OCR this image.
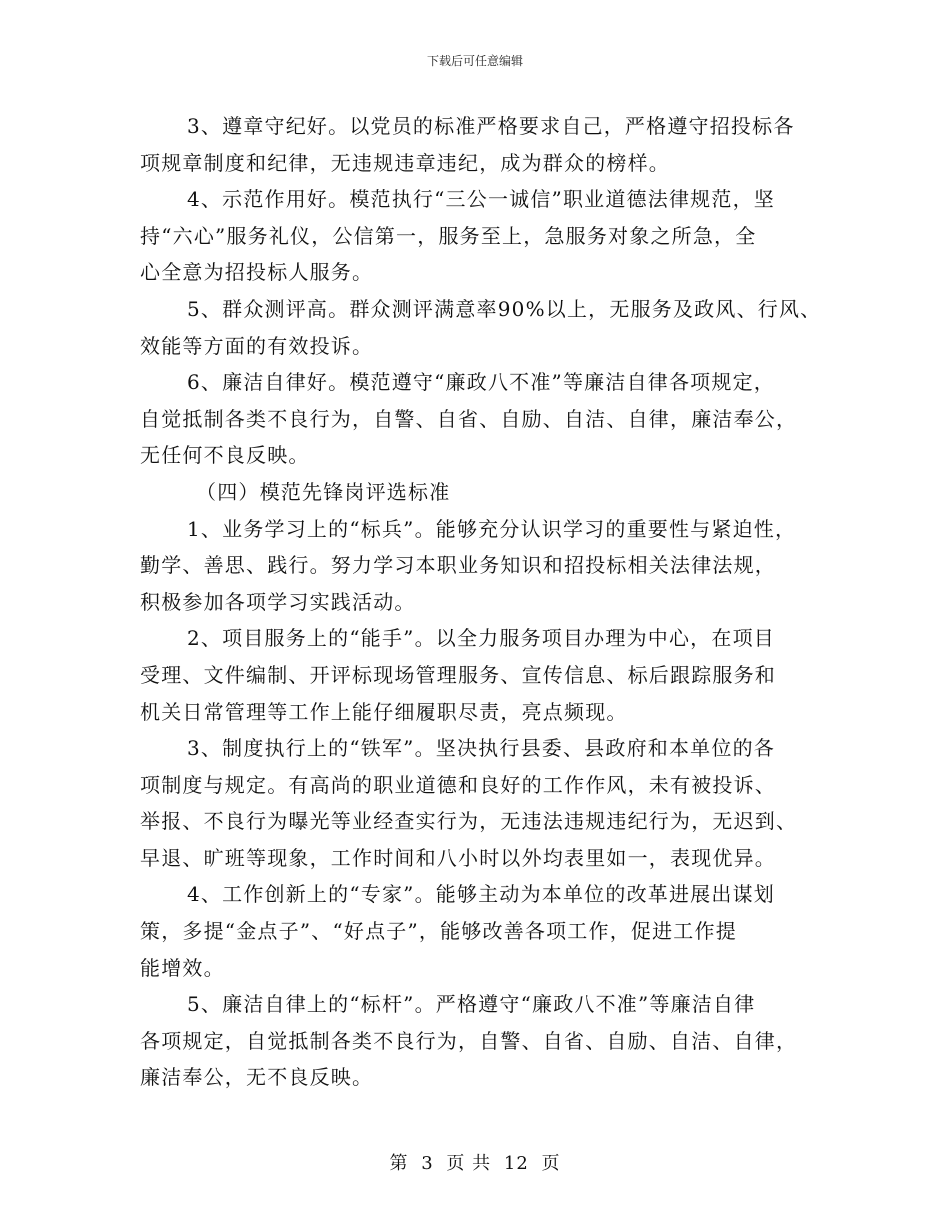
下载后可任意编辑

3、遵章守纪好。以党员的标准严格要求自己，严格遵守招投标各
项规章制度和纪律，无违规违章违纪，成为群众的榜样。

4、示范作用好。模范执行“三公一诚信”职业道德法律规范，坚
持“六心”服务礼仪，公信第一，服务至上，急服务对象之所急，全
心全意为招投标人服务。

5、群众测评高。群众测评满意率90%以上，无服务及政风、行风、
效能等方面的有效投诉。

6、廉洁自律好。模范遵守“廉政八不准”等廉洁自律各项规定，
自觉抵制各类不良行为，自警、自省、自励、自洁、自律，廉洁奉公，
无任何不良反映。

（四）模范先锋岗评选标准

1、业务学习上的“标兵”。能够充分认识学习的重要性与紧迫性，
勤学、善思、践行。努力学习本职业务知识和招投标相关法律法规，
积极参加各项学习实践活动。

2、项目服务上的“能手”。以全力服务项目办理为中心，在项目
受理、文件编制、开评标现场管理服务、宣传信息、标后跟踪服务和
机关日常管理等工作上能仔细履职尽责，亮点频现。

3、制度执行上的“铁军”。坚决执行县委、县政府和本单位的各
项制度与规定。有高尚的职业道德和良好的工作作风，未有被投诉、
举报、不良行为曝光等业经查实行为，无违法违规违纪行为，无迟到、
早退、旷班等现象，工作时间和八小时以外均表里如一，表现优异。

4、工作创新上的“专家”。能够主动为本单位的改革进展出谋划
策，多提“金点子”、“好点子”，能够改善各项工作，促进工作提
能增效。

5、廉洁自律上的“标杆”。严格遵守“廉政八不准”等廉洁自律
各项规定，自觉抵制各类不良行为，自警、自省、自励、自洁、自律，
廉洁奉公，无不良反映。

第 3 页 共 12 页
